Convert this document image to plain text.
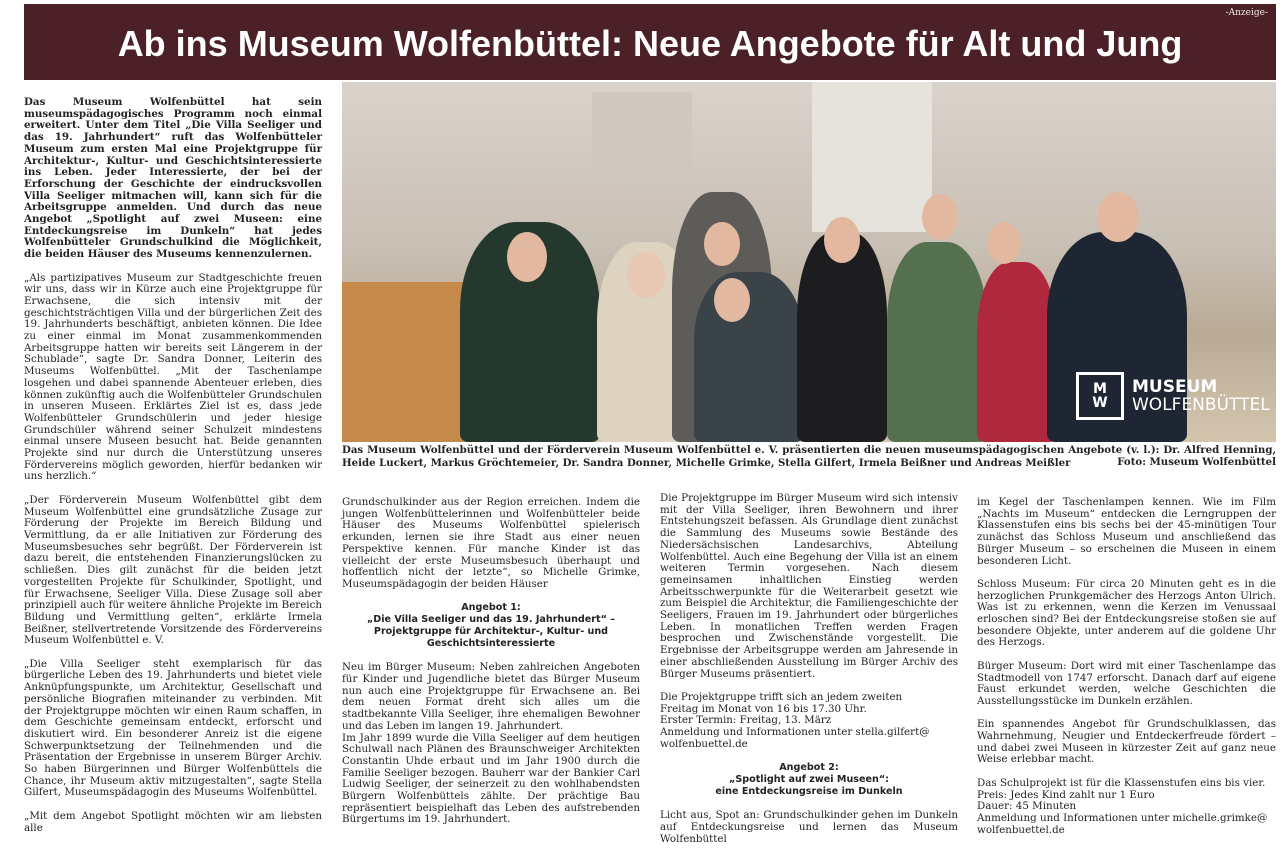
-Anzeige-
Ab ins Museum Wolfenbüttel: Neue Angebote für Alt und Jung
M
W
MUSEUM
WOLFENBÜTTEL
Das Museum Wolfenbüttel und der Förderverein Museum Wolfenbüttel e. V. präsentierten die neuen museumspädagogischen Angebote (v. l.): Dr. Alfred Henning, Heide Luckert, Markus Gröchtemeier, Dr. Sandra Donner, Michelle Grimke, Stella Gilfert, Irmela Beißner und Andreas Meißler	Foto: Museum Wolfenbüttel

Das Museum Wolfenbüttel hat sein museumspädagogisches Programm noch einmal erweitert. Unter dem Titel „Die Villa Seeliger und das 19. Jahrhundert“ ruft das Wolfenbütteler Museum zum ersten Mal eine Projektgruppe für Architektur-, Kultur- und Geschichtsinteressierte ins Leben. Jeder Interessierte, der bei der Erforschung der Geschichte der eindrucksvollen Villa Seeliger mitmachen will, kann sich für die Arbeitsgruppe anmelden. Und durch das neue Angebot „Spotlight auf zwei Museen: eine Entdeckungsreise im Dunkeln“ hat jedes Wolfenbütteler Grundschulkind die Möglichkeit, die beiden Häuser des Museums kennenzulernen.

„Als partizipatives Museum zur Stadtgeschichte freuen wir uns, dass wir in Kürze auch eine Projektgruppe für Erwachsene, die sich intensiv mit der geschichtsträchtigen Villa und der bürgerlichen Zeit des 19. Jahrhunderts beschäftigt, anbieten können. Die Idee zu einer einmal im Monat zusammenkommenden Arbeitsgruppe hatten wir bereits seit Längerem in der Schublade“, sagte Dr. Sandra Donner, Leiterin des Museums Wolfenbüttel. „Mit der Taschenlampe losgehen und dabei spannende Abenteuer erleben, dies können zukünftig auch die Wolfenbütteler Grundschulen in unseren Museen. Erklärtes Ziel ist es, dass jede Wolfenbütteler Grundschülerin und jeder hiesige Grundschüler während seiner Schulzeit mindestens einmal unsere Museen besucht hat. Beide genannten Projekte sind nur durch die Unterstützung unseres Fördervereins möglich geworden, hierfür bedanken wir uns herzlich.“

„Der Förderverein Museum Wolfenbüttel gibt dem Museum Wolfenbüttel eine grundsätzliche Zusage zur Förderung der Projekte im Bereich Bildung und Vermittlung, da er alle Initiativen zur Förderung des Museumsbesuches sehr begrüßt. Der Förderverein ist dazu bereit, die entstehenden Finanzierungslücken zu schließen. Dies gilt zunächst für die beiden jetzt vorgestellten Projekte für Schulkinder, Spotlight, und für Erwachsene, Seeliger Villa. Diese Zusage soll aber prinzipiell auch für weitere ähnliche Projekte im Bereich Bildung und Vermittlung gelten“, erklärte Irmela Beißner, stellvertretende Vorsitzende des Fördervereins Museum Wolfenbüttel e. V.

„Die Villa Seeliger steht exemplarisch für das bürgerliche Leben des 19. Jahrhunderts und bietet viele Anknüpfungspunkte, um Architektur, Gesellschaft und persönliche Biografien miteinander zu verbinden. Mit der Projektgruppe möchten wir einen Raum schaffen, in dem Geschichte gemeinsam entdeckt, erforscht und diskutiert wird. Ein besonderer Anreiz ist die eigene Schwerpunktsetzung der Teilnehmenden und die Präsentation der Ergebnisse in unserem Bürger Archiv. So haben Bürgerinnen und Bürger Wolfenbüttels die Chance, ihr Museum aktiv mitzugestalten“, sagte Stella Gilfert, Museumspädagogin des Museums Wolfenbüttel.

„Mit dem Angebot Spotlight möchten wir am liebsten alle

Grundschulkinder aus der Region erreichen. Indem die jungen Wolfenbüttelerinnen und Wolfenbütteler beide Häuser des Museums Wolfenbüttel spielerisch erkunden, lernen sie ihre Stadt aus einer neuen Perspektive kennen. Für manche Kinder ist das vielleicht der erste Museumsbesuch überhaupt und hoffentlich nicht der letzte“, so Michelle Grimke, Museumspädagogin der beiden Häuser

Angebot 1:
„Die Villa Seeliger und das 19. Jahrhundert“ –
Projektgruppe für Architektur-, Kultur- und Geschichtsinteressierte

Neu im Bürger Museum: Neben zahlreichen Angeboten für Kinder und Jugendliche bietet das Bürger Museum nun auch eine Projektgruppe für Erwachsene an. Bei dem neuen Format dreht sich alles um die stadtbekannte Villa Seeliger, ihre ehemaligen Bewohner und das Leben im langen 19. Jahrhundert.

Im Jahr 1899 wurde die Villa Seeliger auf dem heutigen Schulwall nach Plänen des Braunschweiger Architekten Constantin Uhde erbaut und im Jahr 1900 durch die Familie Seeliger bezogen. Bauherr war der Bankier Carl Ludwig Seeliger, der seinerzeit zu den wohlhabendsten Bürgern Wolfenbüttels zählte. Der prächtige Bau repräsentiert beispielhaft das Leben des aufstrebenden Bürgertums im 19. Jahrhundert.

Die Projektgruppe im Bürger Museum wird sich intensiv mit der Villa Seeliger, ihren Bewohnern und ihrer Entstehungszeit befassen. Als Grundlage dient zunächst die Sammlung des Museums sowie Bestände des Niedersächsischen Landesarchivs, Abteilung Wolfenbüttel. Auch eine Begehung der Villa ist an einem weiteren Termin vorgesehen. Nach diesem gemeinsamen inhaltlichen Einstieg werden Arbeitsschwerpunkte für die Weiterarbeit gesetzt wie zum Beispiel die Architektur, die Familiengeschichte der Seeligers, Frauen im 19. Jahrhundert oder bürgerliches Leben. In monatlichen Treffen werden Fragen besprochen und Zwischenstände vorgestellt. Die Ergebnisse der Arbeitsgruppe werden am Jahresende in einer abschließenden Ausstellung im Bürger Archiv des Bürger Museums präsentiert.

Die Projektgruppe trifft sich an jedem zweiten
Freitag im Monat von 16 bis 17.30 Uhr.
Erster Termin: Freitag, 13. März
Anmeldung und Informationen unter stella.gilfert@
wolfenbuettel.de
Angebot 2:
„Spotlight auf zwei Museen“:
eine Entdeckungsreise im Dunkeln

Licht aus, Spot an: Grundschulkinder gehen im Dunkeln auf Entdeckungsreise und lernen das Museum Wolfenbüttel

im Kegel der Taschenlampen kennen. Wie im Film „Nachts im Museum“ entdecken die Lerngruppen der Klassenstufen eins bis sechs bei der 45-minütigen Tour zunächst das Schloss Museum und anschließend das Bürger Museum – so erscheinen die Museen in einem besonderen Licht.

Schloss Museum: Für circa 20 Minuten geht es in die herzoglichen Prunkgemächer des Herzogs Anton Ulrich. Was ist zu erkennen, wenn die Kerzen im Venussaal erloschen sind? Bei der Entdeckungsreise stoßen sie auf besondere Objekte, unter anderem auf die goldene Uhr des Herzogs.

Bürger Museum: Dort wird mit einer Taschenlampe das Stadtmodell von 1747 erforscht. Danach darf auf eigene Faust erkundet werden, welche Geschichten die Ausstellungsstücke im Dunkeln erzählen.

Ein spannendes Angebot für Grundschulklassen, das Wahrnehmung, Neugier und Entdeckerfreude fördert – und dabei zwei Museen in kürzester Zeit auf ganz neue Weise erlebbar macht.

Das Schulprojekt ist für die Klassenstufen eins bis vier.
Preis: Jedes Kind zahlt nur 1 Euro
Dauer: 45 Minuten
Anmeldung und Informationen unter michelle.grimke@
wolfenbuettel.de
